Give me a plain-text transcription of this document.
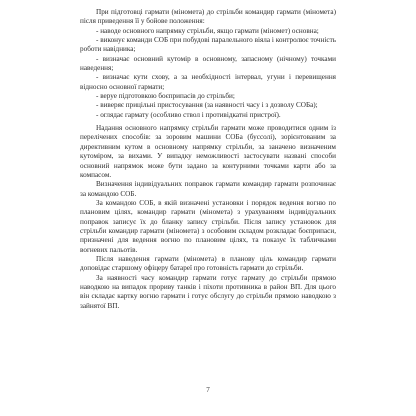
При підготовці гармати (міномета) до стрільби командир гармати (міномета) після приведення її у бойове положення:

- наводе основного напрямку стрільби, якщо гармати (міномет) основна;

- виконує команди СОБ при побудові паралельного віяла і контролює точність роботи навідника;

- визначає основний кутомір в основному, запасному (нічному) точками наведення;

- визначає кути схову, а за необхідності інтервал, угуни і перевищення відносно основної гармати;

- веруе підготовкою боєприпасів до стрільби;

- виверяє прицільні пристосування (за наявності часу і з дозволу СОБа);

- оглядає гармату (особливо ствол і противідкатні пристрої).

Надання основного напрямку стрільби гармати може проводитися одним із перелічених способів: за зоровим машини СОБа (буссолі), зорієнтованим за директивним кутом в основному напрямку стрільби, за заначено визначеним кутоміром, за вихами. У випадку неможливості застосувати названі способи основний напрямок може бути задано за контурними точками карти або за компасом.

Визначення індивідуальних поправок гармати командир гармати розпочинає за командою СОБ.

За командою СОБ, в якій визначені установки і порядок ведення вогню по плановим цілях, командир гармати (міномета) з урахуванням індивідуальних поправок записує їх до бланку запису стрільби. Після запису установок для стрільби командир гармати (міномета) з особовим складом розкладає боєприпаси, призначені для ведення вогню по плановим цілях, та показує їх табличками вогневих пальотів.

Після наведення гармати (міномета) в планову ціль командир гармати доповідає старшому офіцеру батареї про готовність гармати до стрільби.

За наявності часу командир гармати готує гармату до стрільби прямою наводкою на випадок прориву танків і піхоти противника в район ВП. Для цього він складає картку вогню гармати і готує обслугу до стрільби прямою наводкою з зайнятої ВП.

7
